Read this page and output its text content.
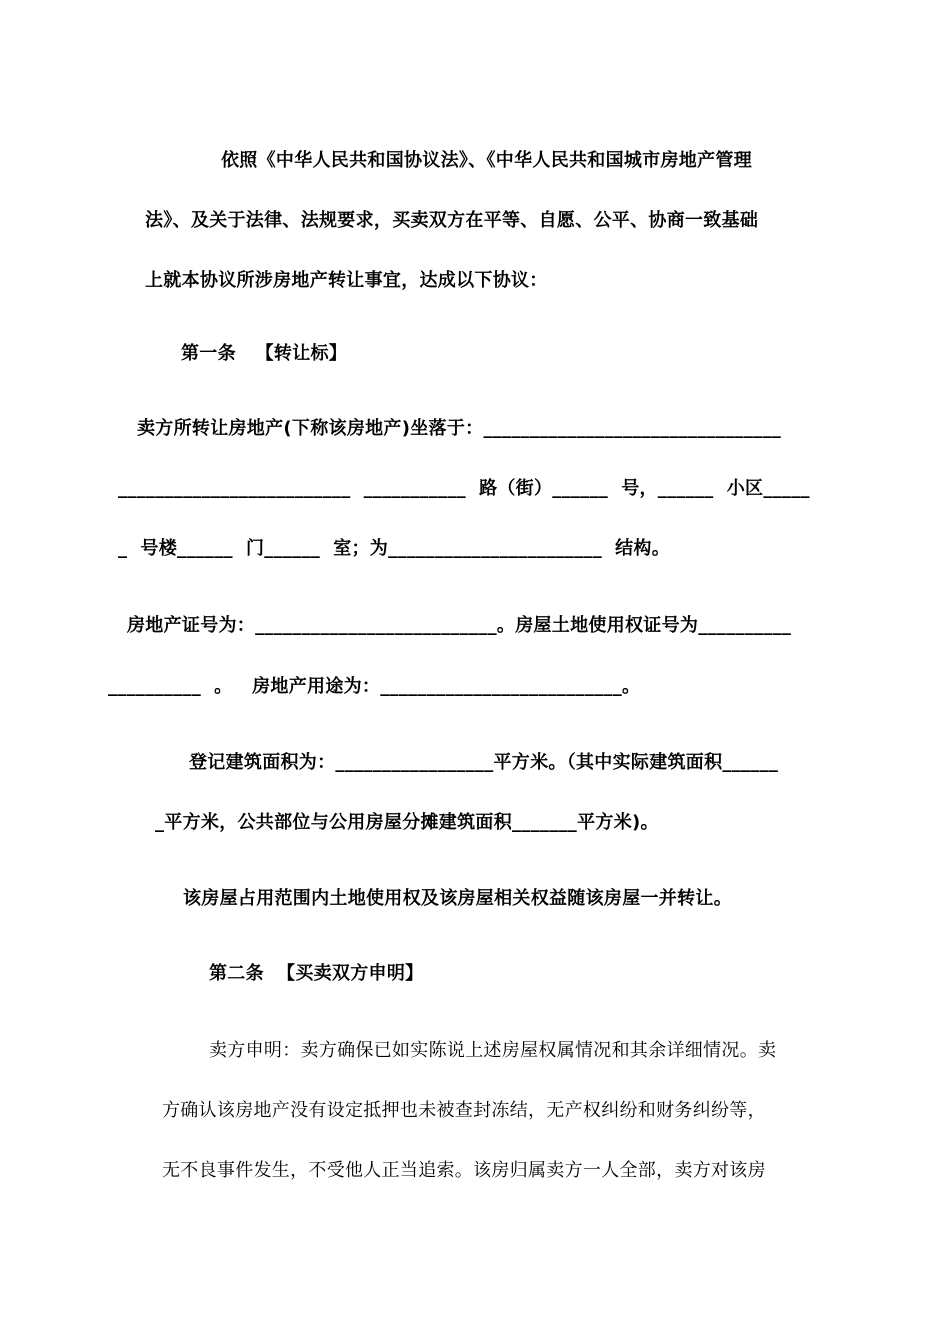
依照《中华人民共和国协议法》、《中华人民共和国城市房地产管理
法》、及关于法律、法规要求，买卖双方在平等、自愿、公平、协商一致基础
上就本协议所涉房地产转让事宜，达成以下协议：
第一条   【转让标】
卖方所转让房地产(下称该房地产)坐落于：________________________________
_________________________  ___________  路（街）______  号，______  小区_____
_  号楼______  门______  室；为_______________________  结构。
房地产证号为：__________________________。房屋土地使用权证号为__________
__________  。   房地产用途为：__________________________。
登记建筑面积为：_________________平方米。（其中实际建筑面积______
_平方米，公共部位与公用房屋分摊建筑面积_______平方米)。
该房屋占用范围内土地使用权及该房屋相关权益随该房屋一并转让。
第二条  【买卖双方申明】
卖方申明：卖方确保已如实陈说上述房屋权属情况和其余详细情况。卖
方确认该房地产没有设定抵押也未被查封冻结，无产权纠纷和财务纠纷等，
无不良事件发生，不受他人正当追索。该房归属卖方一人全部，卖方对该房
